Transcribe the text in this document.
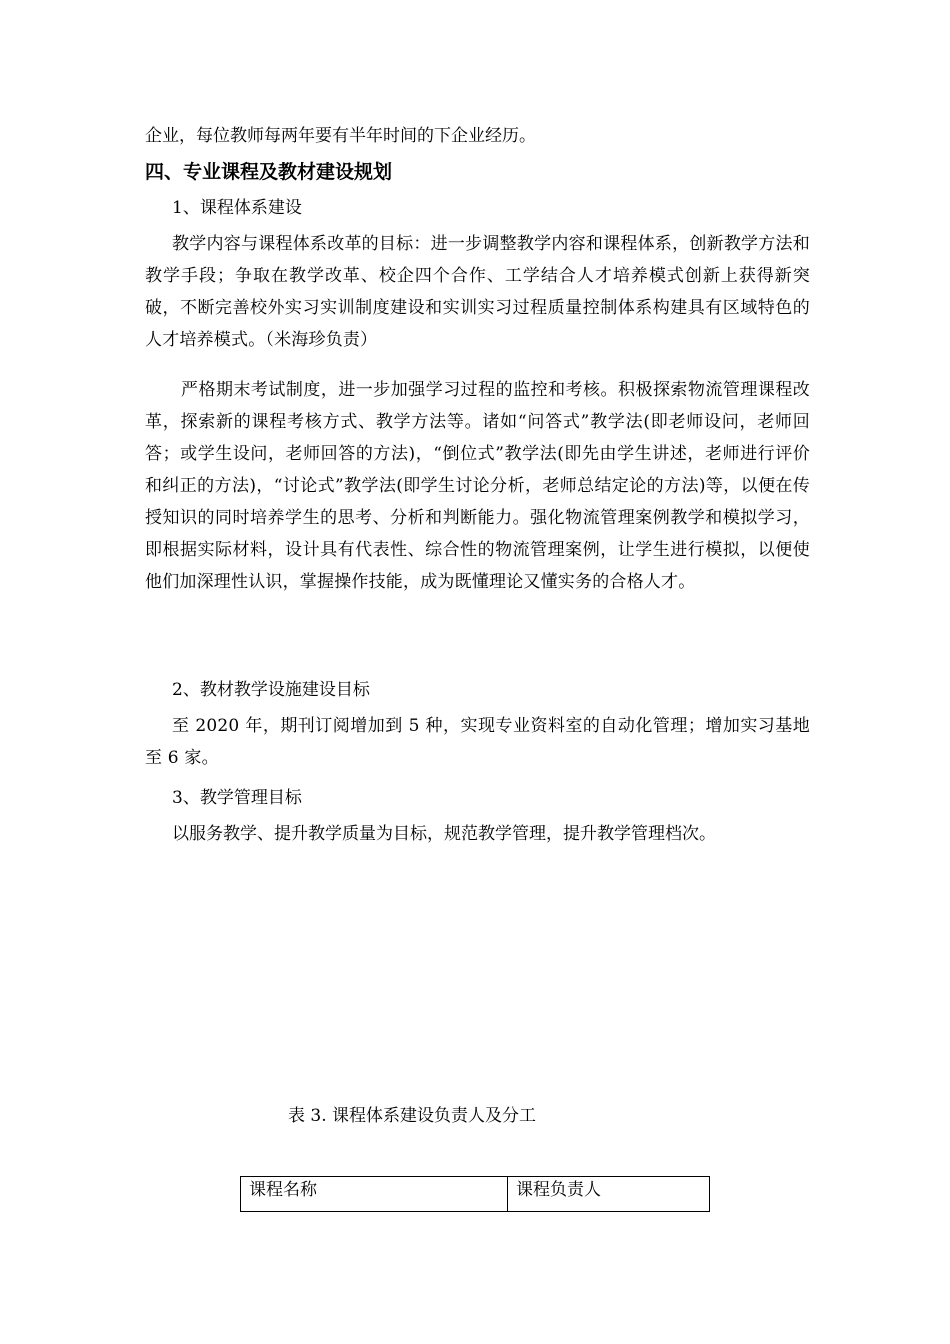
企业，每位教师每两年要有半年时间的下企业经历。
四、专业课程及教材建设规划
1、课程体系建设
教学内容与课程体系改革的目标：进一步调整教学内容和课程体系，创新教学方法和教学手段；争取在教学改革、校企四个合作、工学结合人才培养模式创新上获得新突破，不断完善校外实习实训制度建设和实训实习过程质量控制体系构建具有区域特色的人才培养模式。（米海珍负责）
严格期末考试制度，进一步加强学习过程的监控和考核。积极探索物流管理课程改革，探索新的课程考核方式、教学方法等。诸如“问答式”教学法(即老师设问，老师回答；或学生设问，老师回答的方法)，“倒位式”教学法(即先由学生讲述，老师进行评价和纠正的方法)，“讨论式”教学法(即学生讨论分析，老师总结定论的方法)等，以便在传授知识的同时培养学生的思考、分析和判断能力。强化物流管理案例教学和模拟学习，即根据实际材料，设计具有代表性、综合性的物流管理案例，让学生进行模拟，以便使他们加深理性认识，掌握操作技能，成为既懂理论又懂实务的合格人才。
2、教材教学设施建设目标
至 2020 年，期刊订阅增加到 5 种，实现专业资料室的自动化管理；增加实习基地至 6 家。
3、教学管理目标
以服务教学、提升教学质量为目标，规范教学管理，提升教学管理档次。
表 3. 课程体系建设负责人及分工
课程名称	课程负责人
